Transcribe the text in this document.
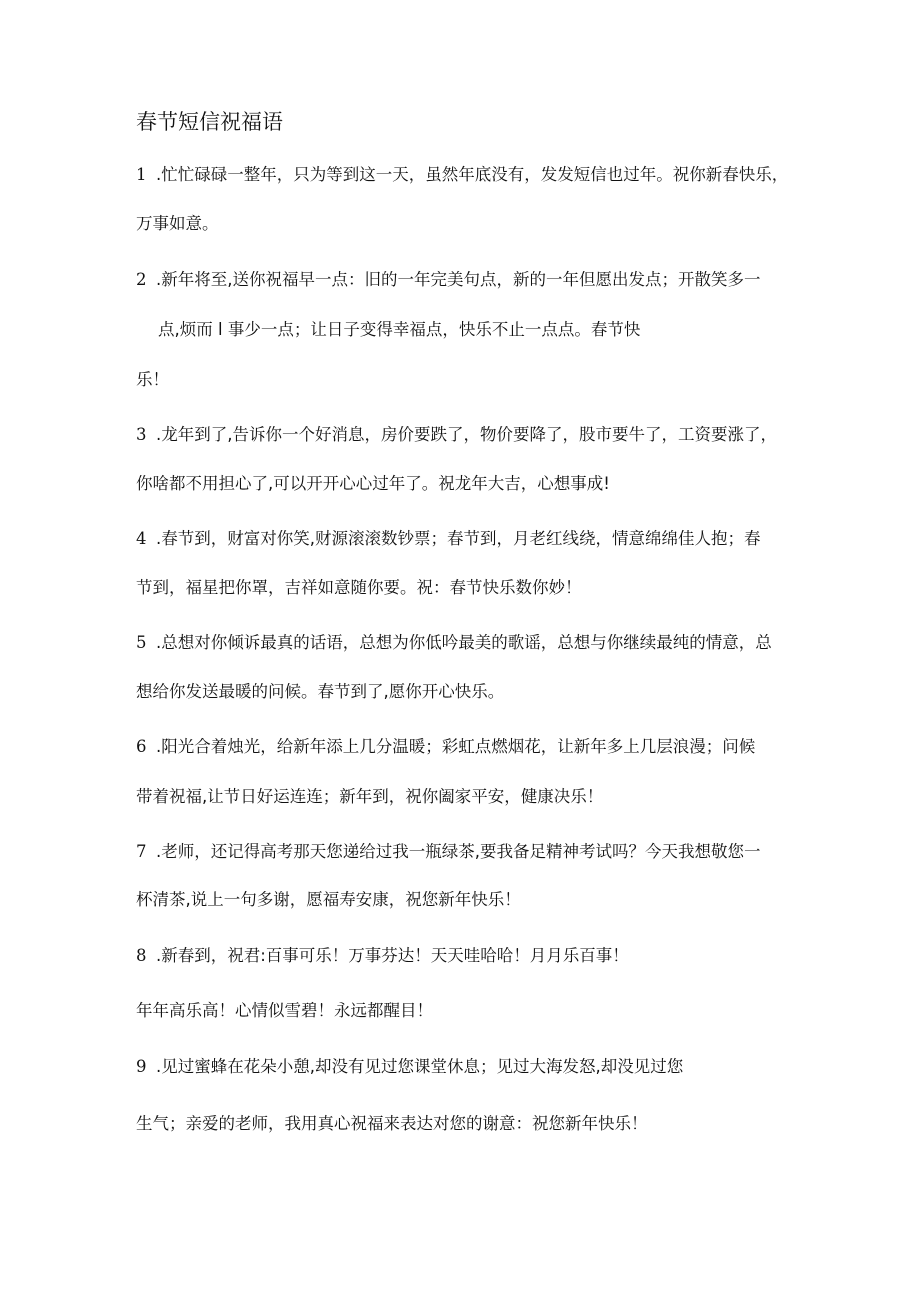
春节短信祝福语
1 .忙忙碌碌一整年，只为等到这一天，虽然年底没有，发发短信也过年。祝你新春快乐，
万事如意。
2 .新年将至,送你祝福早一点：旧的一年完美句点，新的一年但愿出发点；开散笑多一
点,烦而 l 事少一点；让日子变得幸福点，快乐不止一点点。春节快
乐！
3 .龙年到了,告诉你一个好消息，房价要跌了，物价要降了，股市要牛了，工资要涨了，
你啥都不用担心了,可以开开心心过年了。祝龙年大吉，心想事成!
4 .春节到，财富对你笑,财源滚滚数钞票；春节到，月老红线绕，情意绵绵佳人抱；春
节到，福星把你罩，吉祥如意随你要。祝：春节快乐数你妙！
5 .总想对你倾诉最真的话语，总想为你低吟最美的歌谣，总想与你继续最纯的情意，总
想给你发送最暖的问候。春节到了,愿你开心快乐。
6 .阳光合着烛光，给新年添上几分温暖；彩虹点燃烟花，让新年多上几层浪漫；问候
带着祝福,让节日好运连连；新年到，祝你阖家平安，健康决乐！
7 .老师，还记得高考那天您递给过我一瓶绿茶,要我备足精神考试吗？今天我想敬您一
杯清茶,说上一句多谢，愿福寿安康，祝您新年快乐！
8 .新春到，祝君:百事可乐！万事芬达！天天哇哈哈！月月乐百事！
年年高乐高！心情似雪碧！永远都醒目！
9 .见过蜜蜂在花朵小憩,却没有见过您课堂休息；见过大海发怒,却没见过您
生气；亲爱的老师，我用真心祝福来表达对您的谢意：祝您新年快乐！
